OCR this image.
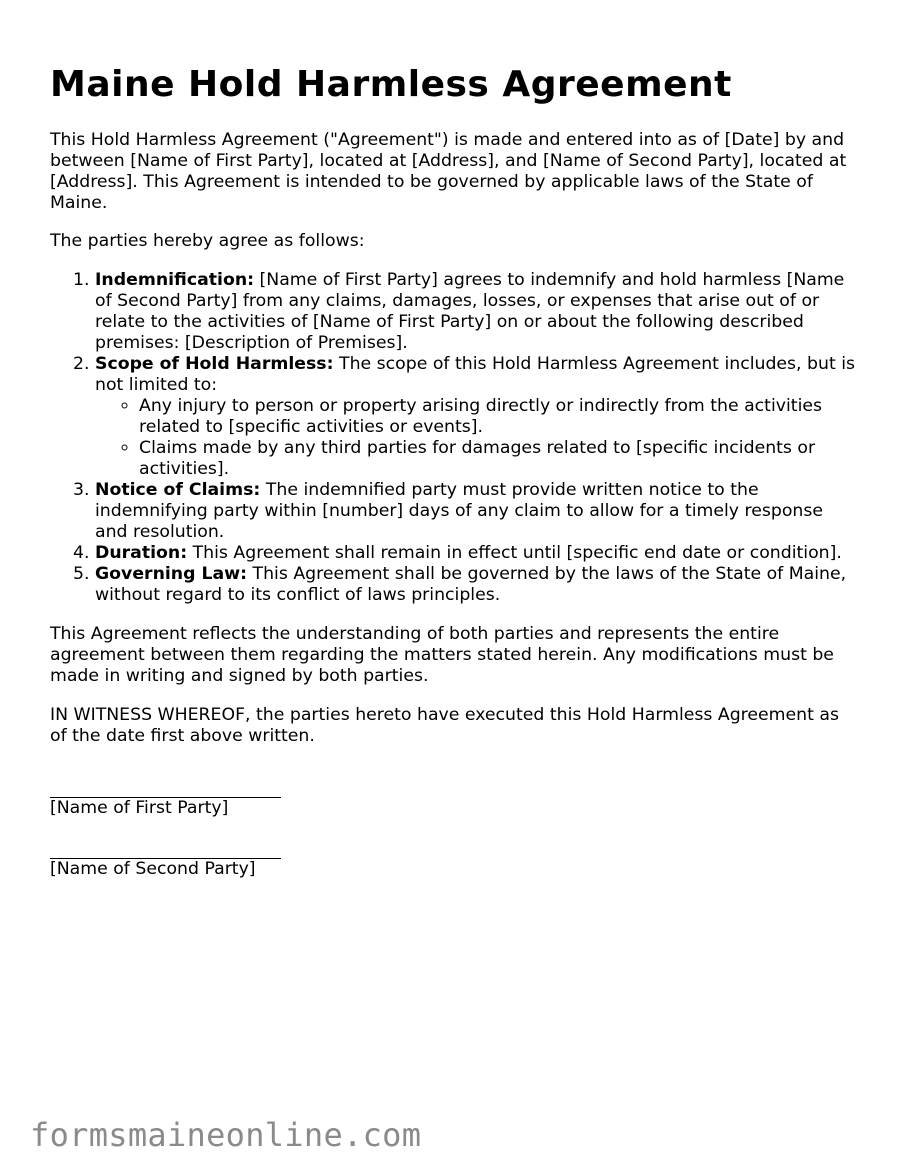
Maine Hold Harmless Agreement

This Hold Harmless Agreement ("Agreement") is made and entered into as of [Date] by and between [Name of First Party], located at [Address], and [Name of Second Party], located at [Address]. This Agreement is intended to be governed by applicable laws of the State of Maine.

The parties hereby agree as follows:

1. Indemnification: [Name of First Party] agrees to indemnify and hold harmless [Name of Second Party] from any claims, damages, losses, or expenses that arise out of or relate to the activities of [Name of First Party] on or about the following described premises: [Description of Premises].
2. Scope of Hold Harmless: The scope of this Hold Harmless Agreement includes, but is not limited to:
◦ Any injury to person or property arising directly or indirectly from the activities related to [specific activities or events].
◦ Claims made by any third parties for damages related to [specific incidents or activities].
3. Notice of Claims: The indemnified party must provide written notice to the indemnifying party within [number] days of any claim to allow for a timely response and resolution.
4. Duration: This Agreement shall remain in effect until [specific end date or condition].
5. Governing Law: This Agreement shall be governed by the laws of the State of Maine, without regard to its conflict of laws principles.

This Agreement reflects the understanding of both parties and represents the entire agreement between them regarding the matters stated herein. Any modifications must be made in writing and signed by both parties.

IN WITNESS WHEREOF, the parties hereto have executed this Hold Harmless Agreement as of the date first above written.

[Name of First Party]
[Name of Second Party]
formsmaineonline.com
